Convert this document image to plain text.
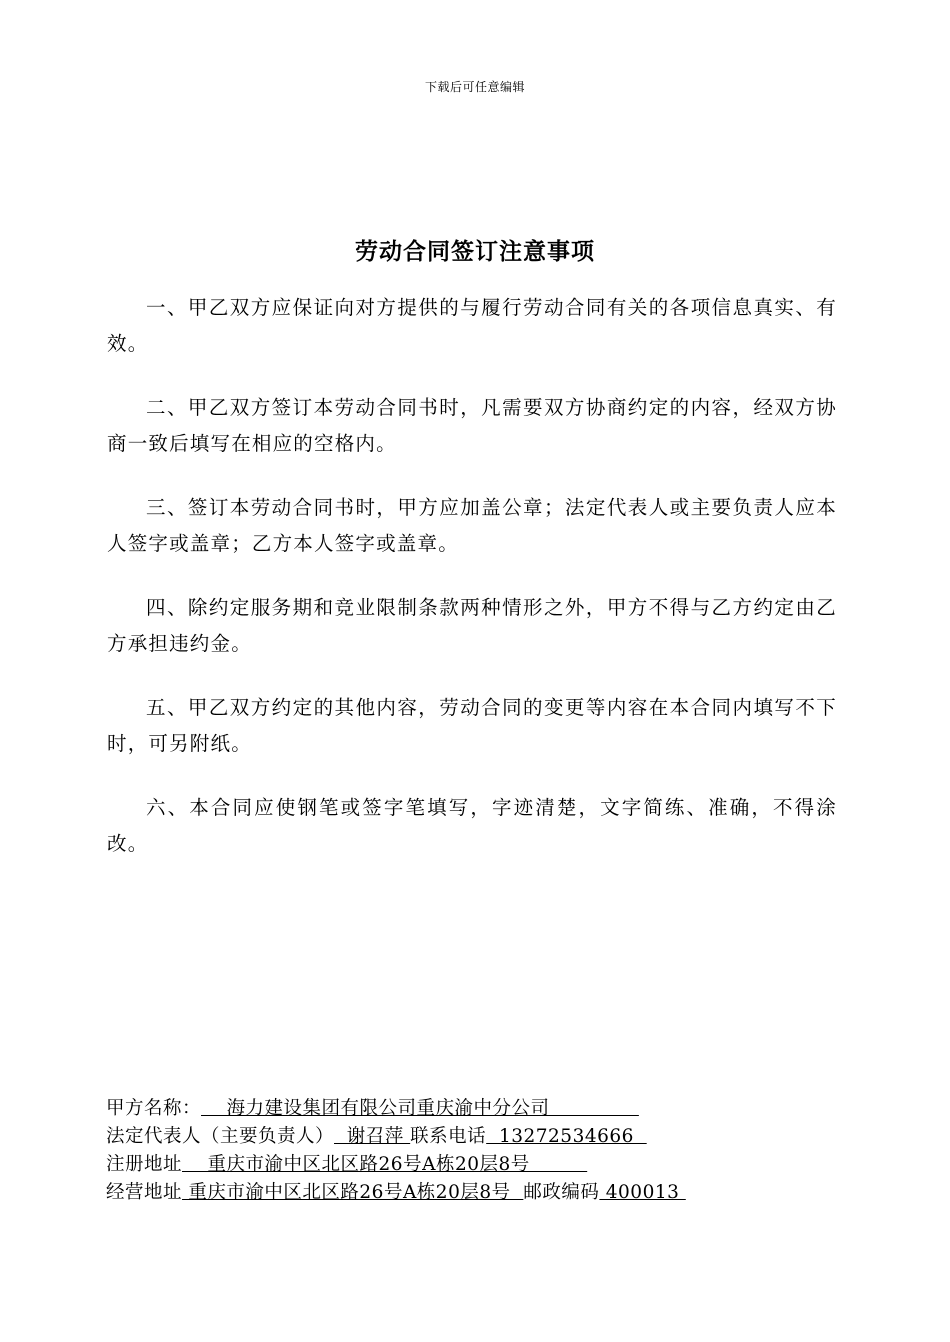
下载后可任意编辑
劳动合同签订注意事项

一、甲乙双方应保证向对方提供的与履行劳动合同有关的各项信息真实、有效。

二、甲乙双方签订本劳动合同书时，凡需要双方协商约定的内容，经双方协商一致后填写在相应的空格内。

三、签订本劳动合同书时，甲方应加盖公章；法定代表人或主要负责人应本人签字或盖章；乙方本人签字或盖章。

四、除约定服务期和竞业限制条款两种情形之外，甲方不得与乙方约定由乙方承担违约金。

五、甲乙双方约定的其他内容，劳动合同的变更等内容在本合同内填写不下时，可另附纸。

六、本合同应使钢笔或签字笔填写，字迹清楚，文字简练、准确，不得涂改。

甲方名称：    海力建设集团有限公司重庆渝中分公司
法定代表人（主要负责人）  谢召萍 联系电话  13272534666
注册地址    重庆市渝中区北区路26号A栋20层8号
经营地址 重庆市渝中区北区路26号A栋20层8号  邮政编码 400013
